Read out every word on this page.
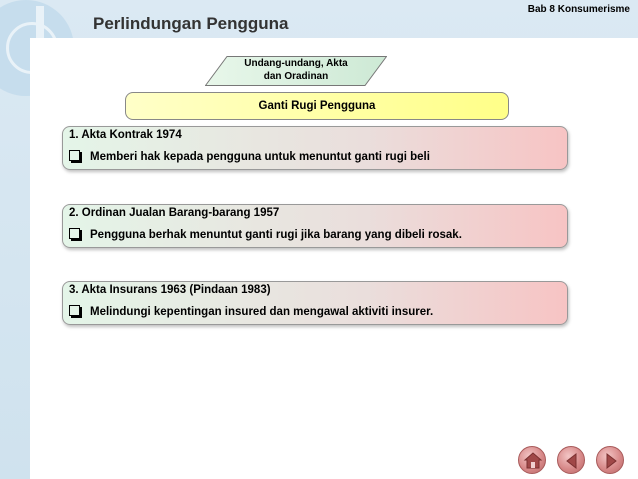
Bab 8 Konsumerisme
Perlindungan Pengguna
Undang-undang, Akta
dan Oradinan
Ganti Rugi Pengguna
1. Akta Kontrak 1974
Memberi hak kepada pengguna untuk menuntut ganti rugi beli
2. Ordinan Jualan Barang-barang 1957
Pengguna berhak menuntut ganti rugi jika barang yang dibeli rosak.
3. Akta Insurans 1963 (Pindaan 1983)
Melindungi kepentingan insured dan mengawal aktiviti insurer.
